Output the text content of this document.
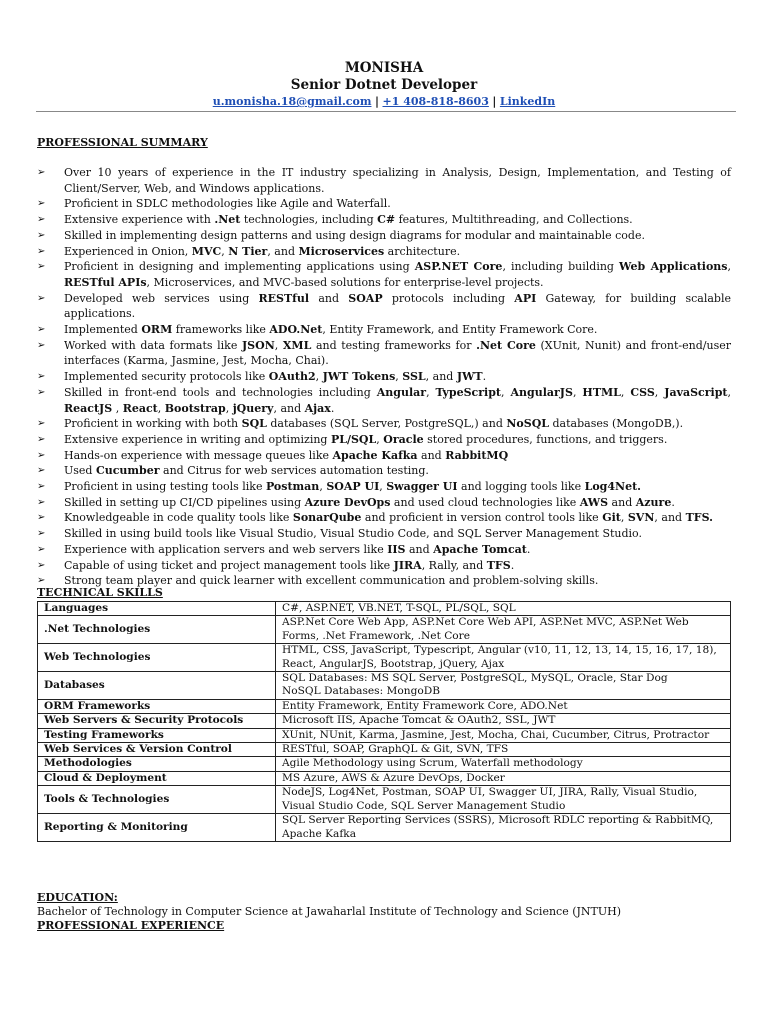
MONISHA
Senior Dotnet Developer
u.monisha.18@gmail.com | +1 408-818-8603 | LinkedIn
PROFESSIONAL SUMMARY
➢ Over 10 years of experience in the IT industry specializing in Analysis, Design, Implementation, and Testing of Client/Server, Web, and Windows applications.
➢ Proficient in SDLC methodologies like Agile and Waterfall.
➢ Extensive experience with .Net technologies, including C# features, Multithreading, and Collections.
➢ Skilled in implementing design patterns and using design diagrams for modular and maintainable code.
➢ Experienced in Onion, MVC, N Tier, and Microservices architecture.
➢ Proficient in designing and implementing applications using ASP.NET Core, including building Web Applications, RESTful APIs, Microservices, and MVC-based solutions for enterprise-level projects.
➢ Developed web services using RESTful and SOAP protocols including API Gateway, for building scalable applications.
➢ Implemented ORM frameworks like ADO.Net, Entity Framework, and Entity Framework Core.
➢ Worked with data formats like JSON, XML and testing frameworks for .Net Core (XUnit, Nunit) and front-end/user interfaces (Karma, Jasmine, Jest, Mocha, Chai).
➢ Implemented security protocols like OAuth2, JWT Tokens, SSL, and JWT.
➢ Skilled in front-end tools and technologies including Angular, TypeScript, AngularJS, HTML, CSS, JavaScript, ReactJS , React, Bootstrap, jQuery, and Ajax.
➢ Proficient in working with both SQL databases (SQL Server, PostgreSQL,) and NoSQL databases (MongoDB,).
➢ Extensive experience in writing and optimizing PL/SQL, Oracle stored procedures, functions, and triggers.
➢ Hands-on experience with message queues like Apache Kafka and RabbitMQ
➢ Used Cucumber and Citrus for web services automation testing.
➢ Proficient in using testing tools like Postman, SOAP UI, Swagger UI and logging tools like Log4Net.
➢ Skilled in setting up CI/CD pipelines using Azure DevOps and used cloud technologies like AWS and Azure.
➢ Knowledgeable in code quality tools like SonarQube and proficient in version control tools like Git, SVN, and TFS.
➢ Skilled in using build tools like Visual Studio, Visual Studio Code, and SQL Server Management Studio.
➢ Experience with application servers and web servers like IIS and Apache Tomcat.
➢ Capable of using ticket and project management tools like JIRA, Rally, and TFS.
➢ Strong team player and quick learner with excellent communication and problem-solving skills.
TECHNICAL SKILLS
Languages	C#, ASP.NET, VB.NET, T-SQL, PL/SQL, SQL
.Net Technologies	ASP.Net Core Web App, ASP.Net Core Web API, ASP.Net MVC, ASP.Net Web Forms, .Net Framework, .Net Core
Web Technologies	HTML, CSS, JavaScript, Typescript, Angular (v10, 11, 12, 13, 14, 15, 16, 17, 18), React, AngularJS, Bootstrap, jQuery, Ajax
Databases	SQL Databases: MS SQL Server, PostgreSQL, MySQL, Oracle, Star Dog
NoSQL Databases: MongoDB
ORM Frameworks	Entity Framework, Entity Framework Core, ADO.Net
Web Servers & Security Protocols	Microsoft IIS, Apache Tomcat & OAuth2, SSL, JWT
Testing Frameworks	XUnit, NUnit, Karma, Jasmine, Jest, Mocha, Chai, Cucumber, Citrus, Protractor
Web Services & Version Control	RESTful, SOAP, GraphQL & Git, SVN, TFS
Methodologies	Agile Methodology using Scrum, Waterfall methodology
Cloud & Deployment	MS Azure, AWS & Azure DevOps, Docker
Tools & Technologies	NodeJS, Log4Net, Postman, SOAP UI, Swagger UI, JIRA, Rally, Visual Studio, Visual Studio Code, SQL Server Management Studio
Reporting & Monitoring	SQL Server Reporting Services (SSRS), Microsoft RDLC reporting & RabbitMQ, Apache Kafka
EDUCATION:
Bachelor of Technology in Computer Science at Jawaharlal Institute of Technology and Science (JNTUH)
PROFESSIONAL EXPERIENCE
